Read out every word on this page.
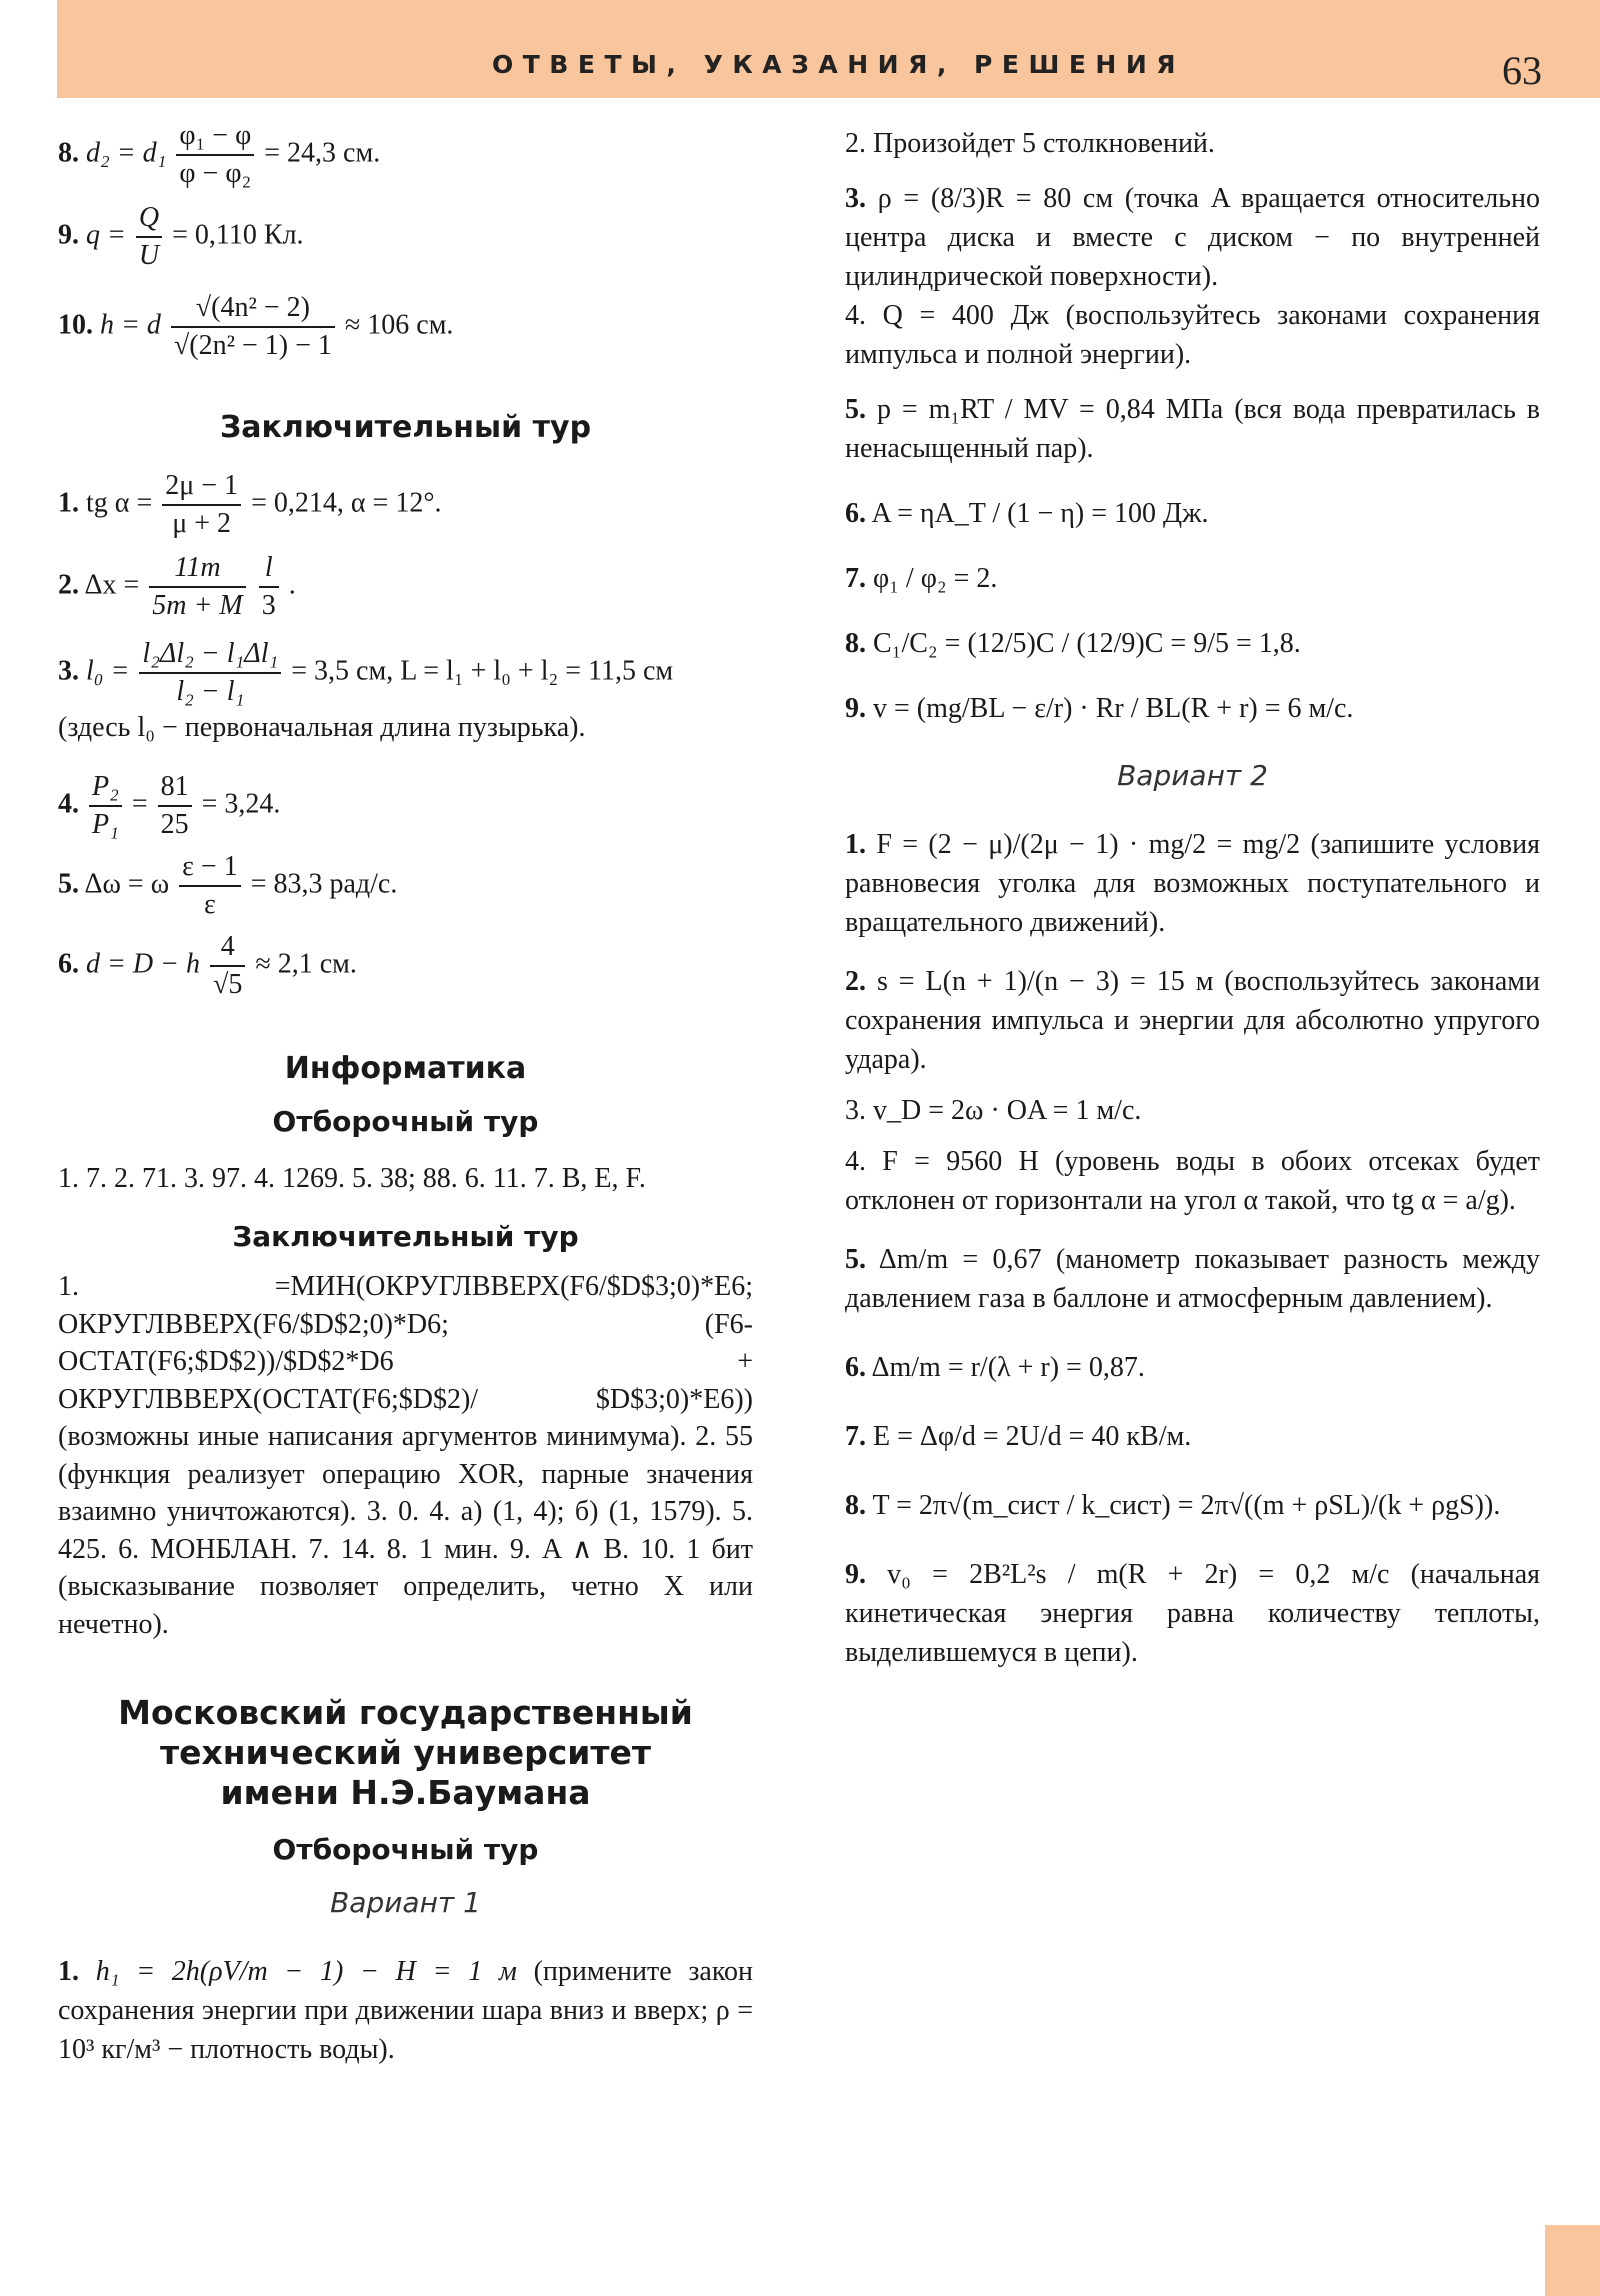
ОТВЕТЫ, УКАЗАНИЯ, РЕШЕНИЯ	63
8. $d_2 = d_1 \frac{\text{φ₁ − φ}}{\text{φ − φ₂}} = 24,3$ см.
9. $q = \frac{Q}{U} = 0,110$ Кл.
10. h = d $\frac{\text{√(4n² − 2)}}{\text{√(2n² − 1) − 1}} \approx 106$ см.

Заключительный тур

1. tg $\alpha = \frac{2\mu - 1}{\mu + 2} = 0,214$, α = 12°.
2. $\Delta x = \frac{11m}{5m + M}$
$\frac{l}{3}$ .
3. $l_0 = \frac{\text{l₂Δl₂ − l₁Δl₁}}{\text{l₂ − l₁}} = 3,5$ см, L = l₁ + l₀ + l₂ = 11,5 см

(здесь l₀ − первоначальная длина пузырька).

4. $\frac{\text{P₂}}{\text{P₁}} = \frac{81}{25} = 3,24$.
5. Δω = ω $\frac{\varepsilon - 1}{\varepsilon} = 83,3$ рад/с.
6. d = D − h $\frac{4}{√5} \approx 2,1$ см.

Информатика

Отборочный тур

1. 7. 2. 71. 3. 97. 4. 1269. 5. 38; 88. 6. 11. 7. B, E, F.

Заключительный тур

1. =МИН(ОКРУГЛВВЕРХ(F6/$D$3;0)*E6; ОКРУГЛВВЕРХ(F6/$D$2;0)*D6; (F6-ОСТАТ(F6;$D$2))/$D$2*D6 + ОКРУГЛВВЕРХ(ОСТАТ(F6;$D$2)/ $D$3;0)*E6)) (возможны иные написания аргументов минимума). 2. 55 (функция реализует операцию XOR, парные значения взаимно уничтожаются). 3. 0. 4. а) (1, 4); б) (1, 1579). 5. 425. 6. МОНБЛАН. 7. 14. 8. 1 мин. 9. A ∧ B. 10. 1 бит (высказывание позволяет определить, четно X или нечетно).

Московский государственный

технический университет

имени Н.Э.Баумана

Отборочный тур

Вариант 1

1. h₁ = 2h(ρV/m − 1) − H = 1 м (примените закон сохранения энергии при движении шара вниз и вверх; ρ = 10³ кг/м³ − плотность воды).

2. Произойдет 5 столкновений.

3. ρ = (8/3)R = 80 см (точка A вращается относительно центра диска и вместе с диском − по внутренней цилиндрической поверхности).

4. Q = 400 Дж (воспользуйтесь законами сохранения импульса и полной энергии).

5. p = m₁RT / MV = 0,84 МПа (вся вода превратилась в ненасыщенный пар).

6. A = ηA_T / (1 − η) = 100 Дж.

7. φ₁ / φ₂ = 2.

8. C₁/C₂ = (12/5)C / (12/9)C = 9/5 = 1,8.

9. v = (mg/BL − ε/r) · Rr / BL(R + r) = 6 м/с.

Вариант 2

1. F = (2 − μ)/(2μ − 1) · mg/2 = mg/2 (запишите условия равновесия уголка для возможных поступательного и вращательного движений).

2. s = L(n + 1)/(n − 3) = 15 м (воспользуйтесь законами сохранения импульса и энергии для абсолютно упругого удара).

3. v_D = 2ω · OA = 1 м/с.

4. F = 9560 Н (уровень воды в обоих отсеках будет отклонен от горизонтали на угол α такой, что tg α = a/g).

5. Δm/m = 0,67 (манометр показывает разность между давлением газа в баллоне и атмосферным давлением).

6. Δm/m = r/(λ + r) = 0,87.

7. E = Δφ/d = 2U/d = 40 кВ/м.

8. T = 2π√(m_сист / k_сист) = 2π√((m + ρSL)/(k + ρgS)).

9. v₀ = 2B²L²s / m(R + 2r) = 0,2 м/с (начальная кинетическая энергия равна количеству теплоты, выделившемуся в цепи).
